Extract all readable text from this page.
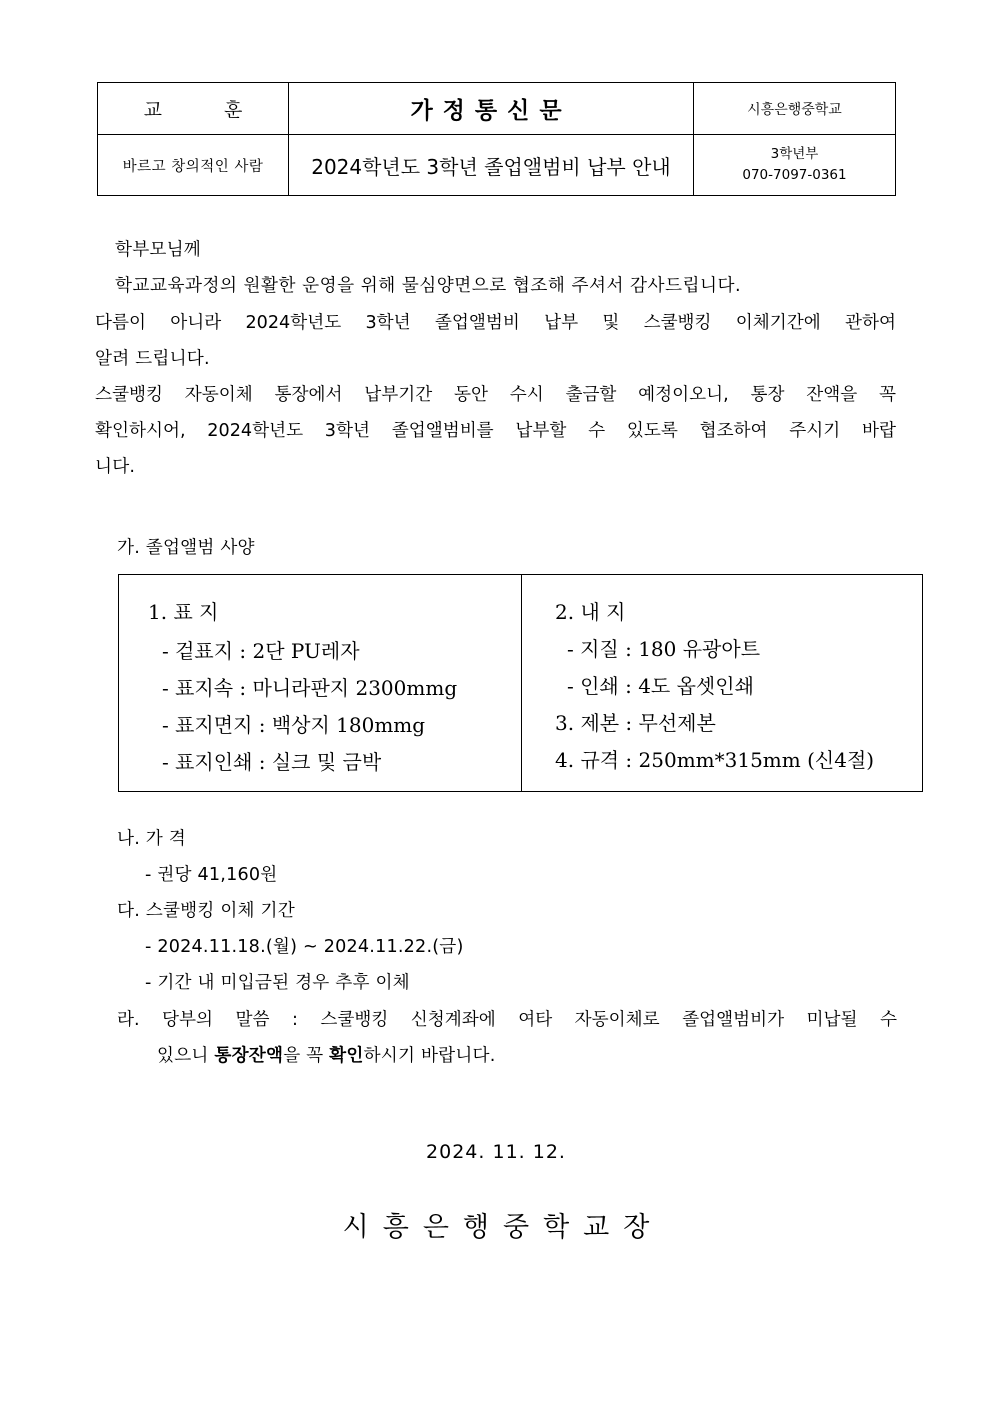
교 훈	가정통신문	시흥은행중학교
바르고 창의적인 사람	2024학년도 3학년 졸업앨범비 납부 안내	3학년부
070-7097-0361
학부모님께
학교교육과정의 원활한 운영을 위해 물심양면으로 협조해 주셔서 감사드립니다.
다름이 아니라 2024학년도 3학년 졸업앨범비 납부 및 스쿨뱅킹 이체기간에 관하여
알려 드립니다.
스쿨뱅킹 자동이체 통장에서 납부기간 동안 수시 출금할 예정이오니, 통장 잔액을 꼭
확인하시어, 2024학년도 3학년 졸업앨범비를 납부할 수 있도록 협조하여 주시기 바랍
니다.
가. 졸업앨범 사양
1. 표 지
- 겉표지 : 2단 PU레자
- 표지속 : 마니라판지 2300mmg
- 표지면지 : 백상지 180mmg
- 표지인쇄 : 실크 및 금박
2. 내 지
- 지질 : 180 유광아트
- 인쇄 : 4도 옵셋인쇄
3. 제본 : 무선제본
4. 규격 : 250mm*315mm (신4절)
나. 가 격
- 권당 41,160원
다. 스쿨뱅킹 이체 기간
- 2024.11.18.(월) ~ 2024.11.22.(금)
- 기간 내 미입금된 경우 추후 이체
라. 당부의 말씀 : 스쿨뱅킹 신청계좌에 여타 자동이체로 졸업앨범비가 미납될 수
있으니 통장잔액을 꼭 확인하시기 바랍니다.
2024. 11. 12.
시흥은행중학교장
